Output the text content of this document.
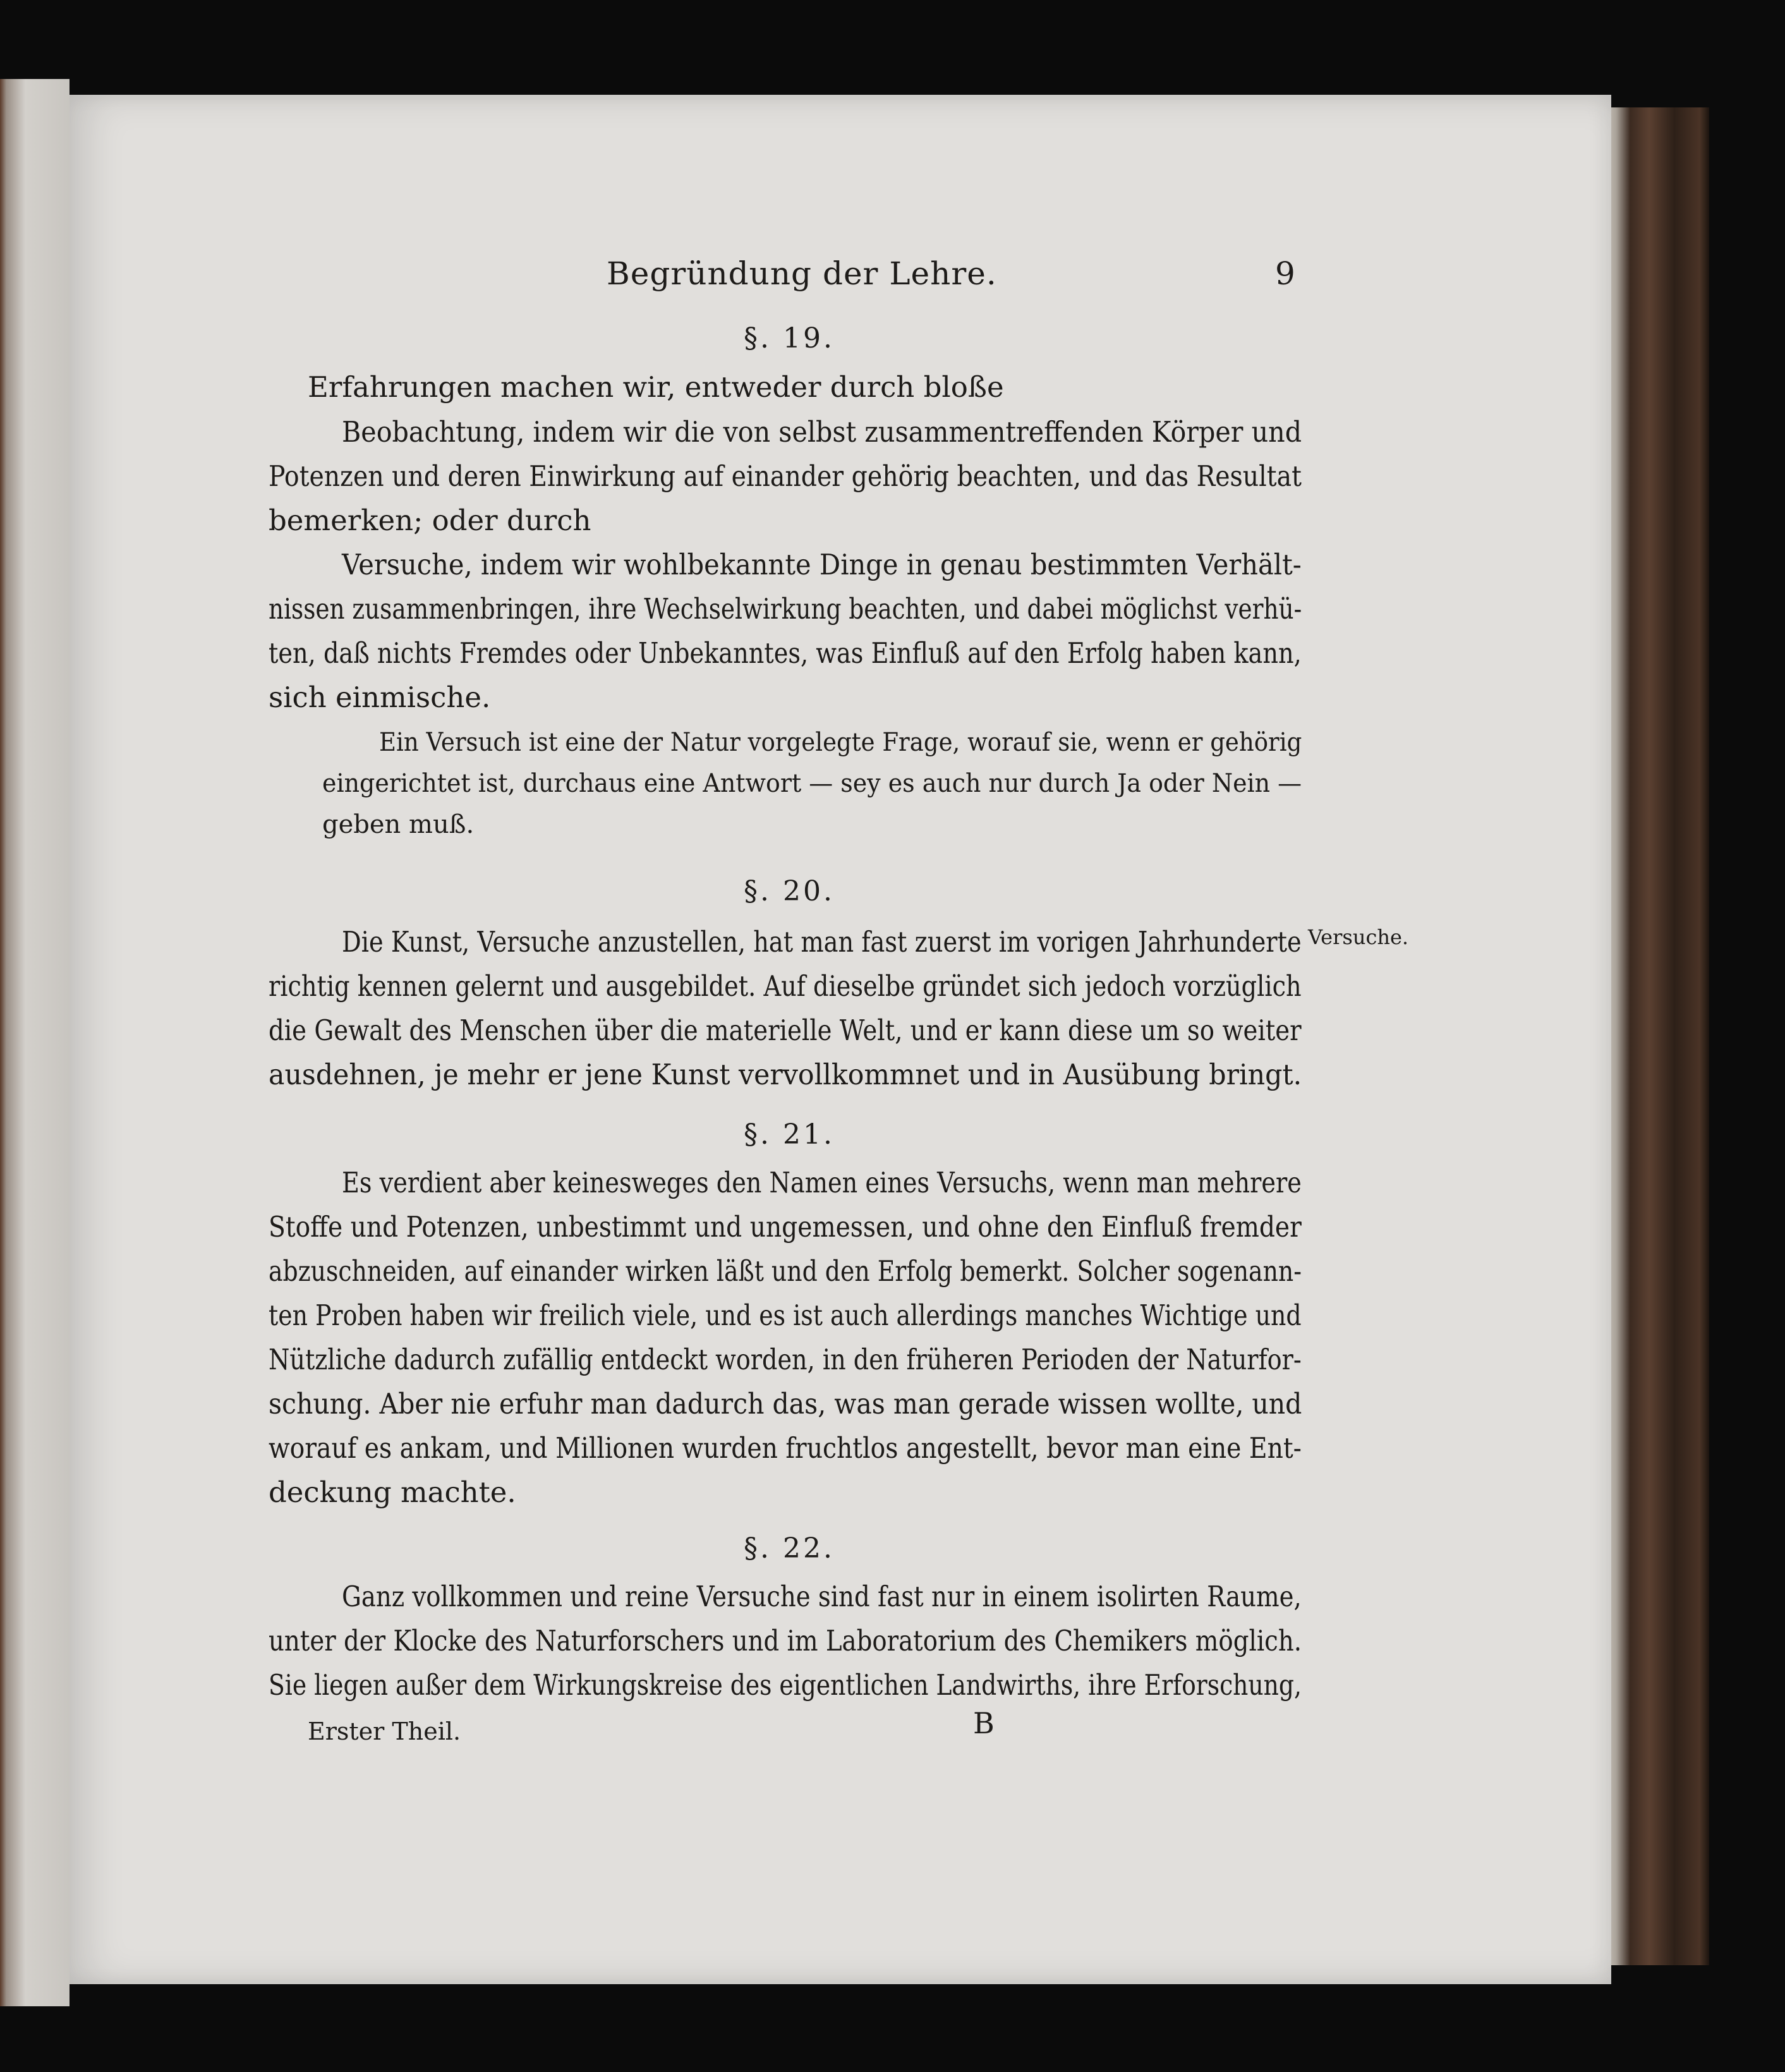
Begründung der Lehre.	9
§. 19.
Erfahrungen machen wir, entweder durch bloße
Beobachtung, indem wir die von selbst zusammentreffenden Körper und
Potenzen und deren Einwirkung auf einander gehörig beachten, und das Resultat
bemerken; oder durch
Versuche, indem wir wohlbekannte Dinge in genau bestimmten Verhält-
nissen zusammenbringen, ihre Wechselwirkung beachten, und dabei möglichst verhü-
ten, daß nichts Fremdes oder Unbekanntes, was Einfluß auf den Erfolg haben kann,
sich einmische.
Ein Versuch ist eine der Natur vorgelegte Frage, worauf sie, wenn er gehörig
eingerichtet ist, durchaus eine Antwort — sey es auch nur durch Ja oder Nein —
geben muß.
§. 20.
Die Kunst, Versuche anzustellen, hat man fast zuerst im vorigen Jahrhunderte Versuche.
richtig kennen gelernt und ausgebildet. Auf dieselbe gründet sich jedoch vorzüglich
die Gewalt des Menschen über die materielle Welt, und er kann diese um so weiter
ausdehnen, je mehr er jene Kunst vervollkommnet und in Ausübung bringt.
§. 21.
Es verdient aber keinesweges den Namen eines Versuchs, wenn man mehrere
Stoffe und Potenzen, unbestimmt und ungemessen, und ohne den Einfluß fremder
abzuschneiden, auf einander wirken läßt und den Erfolg bemerkt. Solcher sogenann-
ten Proben haben wir freilich viele, und es ist auch allerdings manches Wichtige und
Nützliche dadurch zufällig entdeckt worden, in den früheren Perioden der Naturfor-
schung. Aber nie erfuhr man dadurch das, was man gerade wissen wollte, und
worauf es ankam, und Millionen wurden fruchtlos angestellt, bevor man eine Ent-
deckung machte.
§. 22.
Ganz vollkommen und reine Versuche sind fast nur in einem isolirten Raume,
unter der Klocke des Naturforschers und im Laboratorium des Chemikers möglich.
Sie liegen außer dem Wirkungskreise des eigentlichen Landwirths, ihre Erforschung,
Erster Theil.	B
